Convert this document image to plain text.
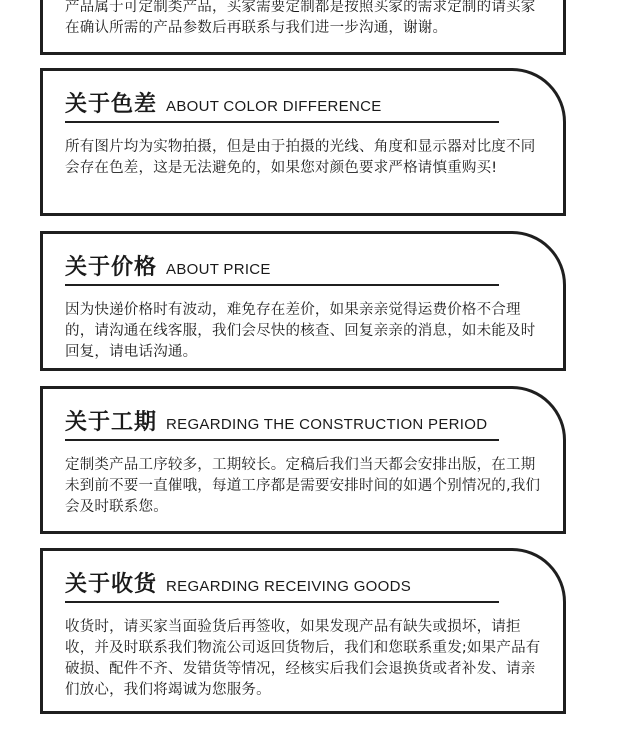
产品属于可定制类产品，买家需要定制都是按照买家的需求定制的请买家在确认所需的产品参数后再联系与我们进一步沟通，谢谢。
关于色差 ABOUT COLOR DIFFERENCE
所有图片均为实物拍摄，但是由于拍摄的光线、角度和显示器对比度不同会存在色差，这是无法避免的，如果您对颜色要求严格请慎重购买!
关于价格 ABOUT PRICE
因为快递价格时有波动，难免存在差价，如果亲亲觉得运费价格不合理的，请沟通在线客服，我们会尽快的核查、回复亲亲的消息，如未能及时回复，请电话沟通。
关于工期 REGARDING THE CONSTRUCTION PERIOD
定制类产品工序较多，工期较长。定稿后我们当天都会安排出版，在工期未到前不要一直催哦，每道工序都是需要安排时间的如遇个别情况的,我们会及时联系您。
关于收货 REGARDING RECEIVING GOODS
收货时，请买家当面验货后再签收，如果发现产品有缺失或损坏，请拒收，并及时联系我们物流公司返回货物后，我们和您联系重发;如果产品有破损、配件不齐、发错货等情况，经核实后我们会退换货或者补发、请亲们放心，我们将竭诚为您服务。
